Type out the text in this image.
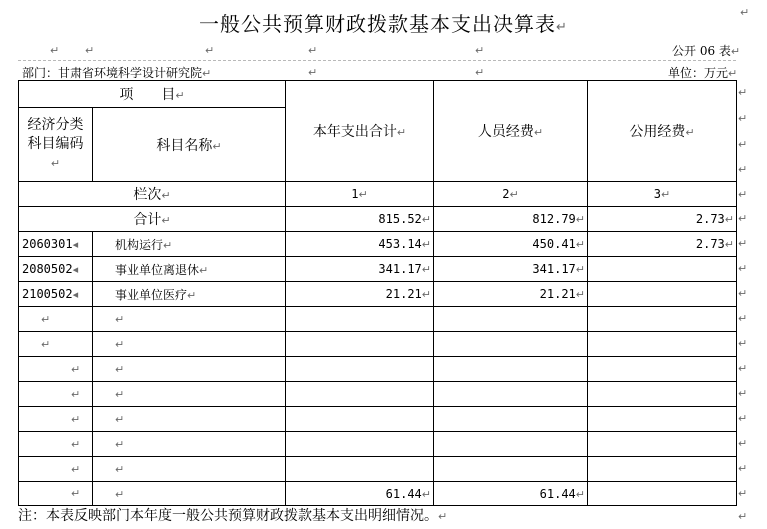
一般公共预算财政拨款基本支出决算表↵
↵
↵ ↵	↵	↵	↵	公开 06 表↵
部门：甘肃省环境科学设计研究院↵	↵	↵	单位：万元↵
项　　目↵		本年支出合计↵	人员经费↵	公用经费↵
经济分类科目编码↵	科目名称↵			
栏次↵		1↵	2↵	3↵
合计↵		815.52↵	812.79↵	2.73↵
2060301◂	机构运行↵	453.14↵	450.41↵	2.73↵
2080502◂	事业单位离退休↵	341.17↵	341.17↵	
2100502◂	事业单位医疗↵	21.21↵	21.21↵	
↵	↵			
↵	↵			
↵	↵			
↵	↵			
↵	↵			
↵	↵			
↵	↵			
↵	↵	61.44↵	61.44↵	
↵
↵
↵
↵
↵
↵
↵
↵
↵
↵
↵
↵
↵
↵
↵
↵
↵
↵
注：本表反映部门本年度一般公共预算财政拨款基本支出明细情况。↵
